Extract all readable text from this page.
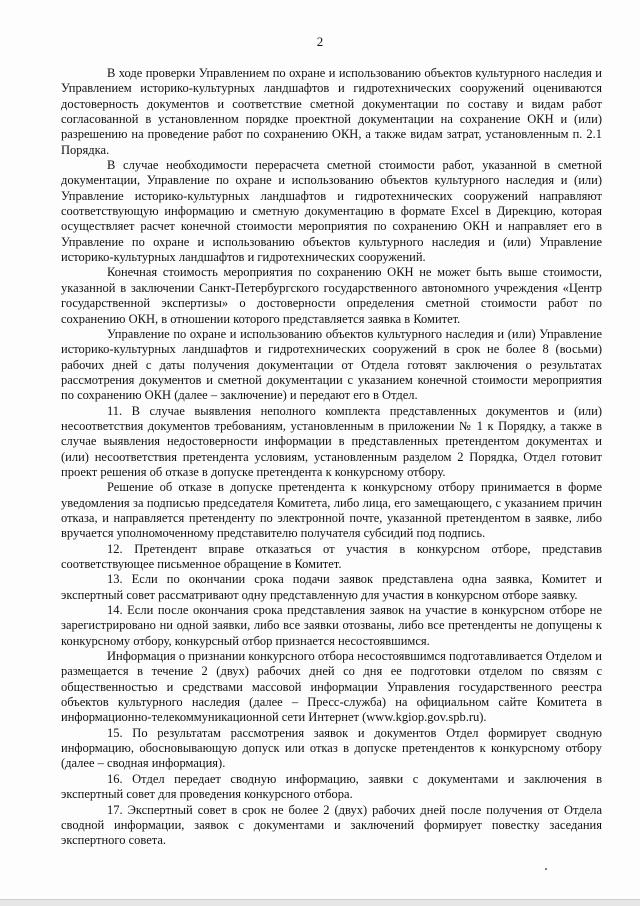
2

В ходе проверки Управлением по охране и использованию объектов культурного наследия и Управлением историко-культурных ландшафтов и гидротехнических сооружений оцениваются достоверность документов и соответствие сметной документации по составу и видам работ согласованной в установленном порядке проектной документации на сохранение ОКН и (или) разрешению на проведение работ по сохранению ОКН, а также видам затрат, установленным п. 2.1 Порядка.

В случае необходимости перерасчета сметной стоимости работ, указанной в сметной документации, Управление по охране и использованию объектов культурного наследия и (или) Управление историко-культурных ландшафтов и гидротехнических сооружений направляют соответствующую информацию и сметную документацию в формате Excel в Дирекцию, которая осуществляет расчет конечной стоимости мероприятия по сохранению ОКН и направляет его в Управление по охране и использованию объектов культурного наследия и (или) Управление историко-культурных ландшафтов и гидротехнических сооружений.

Конечная стоимость мероприятия по сохранению ОКН не может быть выше стоимости, указанной в заключении Санкт-Петербургского государственного автономного учреждения «Центр государственной экспертизы» о достоверности определения сметной стоимости работ по сохранению ОКН, в отношении которого представляется заявка в Комитет.

Управление по охране и использованию объектов культурного наследия и (или) Управление историко-культурных ландшафтов и гидротехнических сооружений в срок не более 8 (восьми) рабочих дней с даты получения документации от Отдела готовят заключения о результатах рассмотрения документов и сметной документации с указанием конечной стоимости мероприятия по сохранению ОКН (далее – заключение) и передают его в Отдел.

11. В случае выявления неполного комплекта представленных документов и (или) несоответствия документов требованиям, установленным в приложении № 1 к Порядку, а также в случае выявления недостоверности информации в представленных претендентом документах и (или) несоответствия претендента условиям, установленным разделом 2 Порядка, Отдел готовит проект решения об отказе в допуске претендента к конкурсному отбору.

Решение об отказе в допуске претендента к конкурсному отбору принимается в форме уведомления за подписью председателя Комитета, либо лица, его замещающего, с указанием причин отказа, и направляется претенденту по электронной почте, указанной претендентом в заявке, либо вручается уполномоченному представителю получателя субсидий под подпись.

12. Претендент вправе отказаться от участия в конкурсном отборе, представив соответствующее письменное обращение в Комитет.

13. Если по окончании срока подачи заявок представлена одна заявка, Комитет и экспертный совет рассматривают одну представленную для участия в конкурсном отборе заявку.

14. Если после окончания срока представления заявок на участие в конкурсном отборе не зарегистрировано ни одной заявки, либо все заявки отозваны, либо все претенденты не допущены к конкурсному отбору, конкурсный отбор признается несостоявшимся.

Информация о признании конкурсного отбора несостоявшимся подготавливается Отделом и размещается в течение 2 (двух) рабочих дней со дня ее подготовки отделом по связям с общественностью и средствами массовой информации Управления государственного реестра объектов культурного наследия (далее – Пресс-служба) на официальном сайте Комитета в информационно-телекоммуникационной сети Интернет (www.kgiop.gov.spb.ru).

15. По результатам рассмотрения заявок и документов Отдел формирует сводную информацию, обосновывающую допуск или отказ в допуске претендентов к конкурсному отбору (далее – сводная информация).

16. Отдел передает сводную информацию, заявки с документами и заключения в экспертный совет для проведения конкурсного отбора.

17. Экспертный совет в срок не более 2 (двух) рабочих дней после получения от Отдела сводной информации, заявок с документами и заключений формирует повестку заседания экспертного совета.
